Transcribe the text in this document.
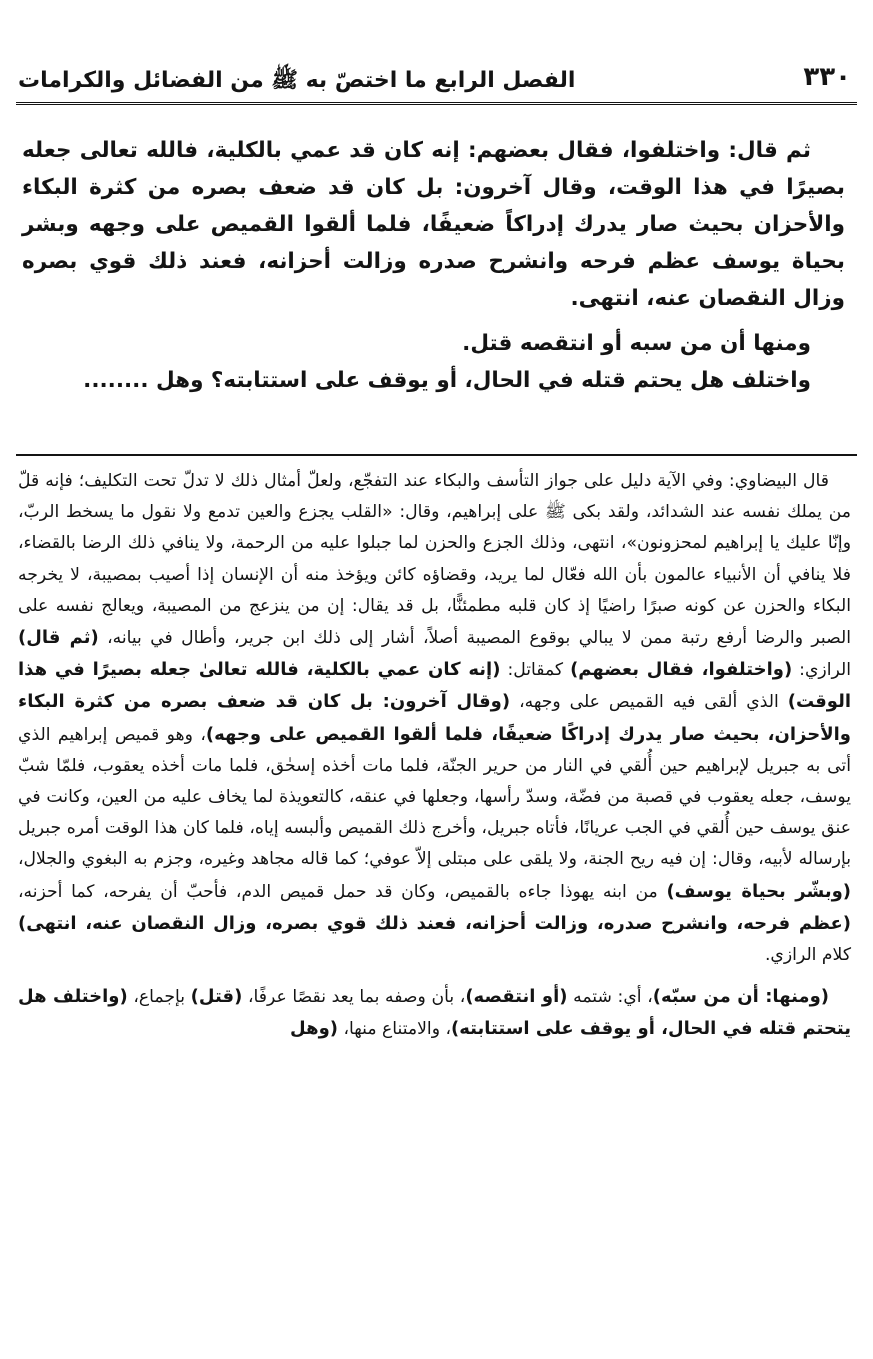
٣٣٠
الفصل الرابع ما اختصّ به ﷺ من الفضائل والكرامات

ثم قال: واختلفوا، فقال بعضهم: إنه كان قد عمي بالكلية، فالله تعالى جعله بصيرًا في هذا الوقت، وقال آخرون: بل كان قد ضعف بصره من كثرة البكاء والأحزان بحيث صار يدرك إدراكاً ضعيفًا، فلما ألقوا القميص على وجهه وبشر بحياة يوسف عظم فرحه وانشرح صدره وزالت أحزانه، فعند ذلك قوي بصره وزال النقصان عنه، انتهى.

ومنها أن من سبه أو انتقصه قتل.

واختلف هل يحتم قتله في الحال، أو يوقف على استتابته؟ وهل ........

قال البيضاوي: وفي الآية دليل على جواز التأسف والبكاء عند التفجّع، ولعلّ أمثال ذلك لا تدلّ تحت التكليف؛ فإنه قلّ من يملك نفسه عند الشدائد، ولقد بكى ﷺ على إبراهيم، وقال: «القلب يجزع والعين تدمع ولا نقول ما يسخط الربّ، وإنّا عليك يا إبراهيم لمحزونون»، انتهى، وذلك الجزع والحزن لما جبلوا عليه من الرحمة، ولا ينافي ذلك الرضا بالقضاء، فلا ينافي أن الأنبياء عالمون بأن الله فعّال لما يريد، وقضاؤه كائن ويؤخذ منه أن الإنسان إذا أصيب بمصيبة، لا يخرجه البكاء والحزن عن كونه صبرًا راضيًا إذ كان قلبه مطمئنًّا، بل قد يقال: إن من ينزعج من المصيبة، ويعالج نفسه على الصبر والرضا أرفع رتبة ممن لا يبالي بوقوع المصيبة أصلاً، أشار إلى ذلك ابن جرير، وأطال في بيانه، (ثم قال) الرازي: (واختلفوا، فقال بعضهم) كمقاتل: (إنه كان عمي بالكلية، فالله تعالىٰ جعله بصيرًا في هذا الوقت) الذي ألقى فيه القميص على وجهه، (وقال آخرون: بل كان قد ضعف بصره من كثرة البكاء والأحزان، بحيث صار يدرك إدراكًا ضعيفًا، فلما ألقوا القميص على وجهه)، وهو قميص إبراهيم الذي أتى به جبريل لإبراهيم حين أُلقي في النار من حرير الجنّة، فلما مات أخذه إسحٰق، فلما مات أخذه يعقوب، فلمّا شبّ يوسف، جعله يعقوب في قصبة من فضّة، وسدّ رأسها، وجعلها في عنقه، كالتعويذة لما يخاف عليه من العين، وكانت في عنق يوسف حين أُلقي في الجب عريانًا، فأتاه جبريل، وأخرج ذلك القميص وألبسه إياه، فلما كان هذا الوقت أمره جبريل بإرساله لأبيه، وقال: إن فيه ريح الجنة، ولا يلقى على مبتلى إلاّ عوفي؛ كما قاله مجاهد وغيره، وجزم به البغوي والجلال، (وبشّر بحياة يوسف) من ابنه يهوذا جاءه بالقميص، وكان قد حمل قميص الدم، فأحبّ أن يفرحه، كما أحزنه، (عظم فرحه، وانشرح صدره، وزالت أحزانه، فعند ذلك قوي بصره، وزال النقصان عنه، انتهى) كلام الرازي.

(ومنها: أن من سبّه)، أي: شتمه (أو انتقصه)، بأن وصفه بما يعد نقصًا عرفًا، (قتل) بإجماع، (واختلف هل يتحتم قتله في الحال، أو يوقف على استتابته)، والامتناع منها، (وهل
